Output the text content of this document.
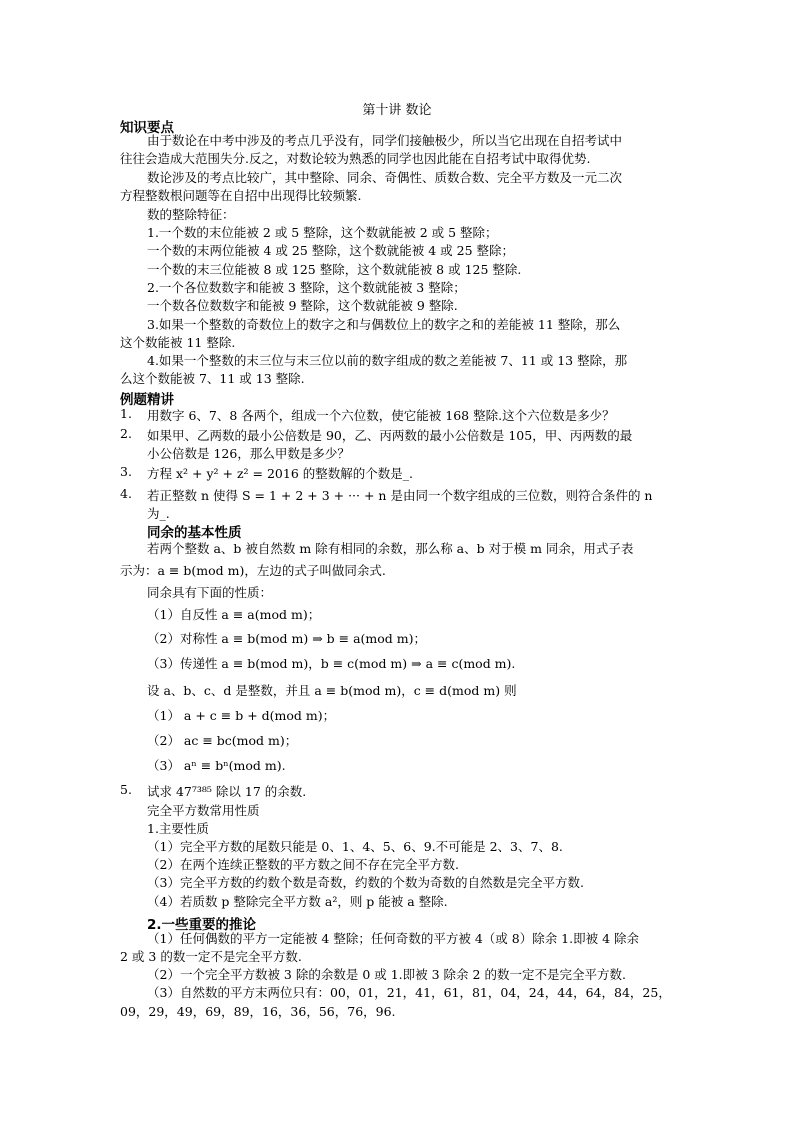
第十讲 数论
知识要点
由于数论在中考中涉及的考点几乎没有，同学们接触极少，所以当它出现在自招考试中
往往会造成大范围失分.反之，对数论较为熟悉的同学也因此能在自招考试中取得优势.
数论涉及的考点比较广，其中整除、同余、奇偶性、质数合数、完全平方数及一元二次
方程整数根问题等在自招中出现得比较频繁.
数的整除特征：
1.一个数的末位能被 2 或 5 整除，这个数就能被 2 或 5 整除；
一个数的末两位能被 4 或 25 整除，这个数就能被 4 或 25 整除；
一个数的末三位能被 8 或 125 整除，这个数就能被 8 或 125 整除.
2.一个各位数数字和能被 3 整除，这个数就能被 3 整除；
一个数各位数数字和能被 9 整除，这个数就能被 9 整除.
3.如果一个整数的奇数位上的数字之和与偶数位上的数字之和的差能被 11 整除，那么
这个数能被 11 整除.
4.如果一个整数的末三位与末三位以前的数字组成的数之差能被 7、11 或 13 整除，那
么这个数能被 7、11 或 13 整除.
例题精讲
1. 用数字 6、7、8 各两个，组成一个六位数，使它能被 168 整除.这个六位数是多少？
2. 如果甲、乙两数的最小公倍数是 90，乙、丙两数的最小公倍数是 105，甲、丙两数的最
小公倍数是 126，那么甲数是多少？
3. 方程 x² + y² + z² = 2016 的整数解的个数是_.
4. 若正整数 n 使得 S = 1 + 2 + 3 + ··· + n 是由同一个数字组成的三位数，则符合条件的 n
为_.
同余的基本性质
若两个整数 a、b 被自然数 m 除有相同的余数，那么称 a、b 对于模 m 同余，用式子表
示为：a ≡ b(mod m)，左边的式子叫做同余式.
同余具有下面的性质：
（1）自反性 a ≡ a(mod m)；
（2）对称性 a ≡ b(mod m) ⇒ b ≡ a(mod m)；
（3）传递性 a ≡ b(mod m)，b ≡ c(mod m) ⇒ a ≡ c(mod m).
设 a、b、c、d 是整数，并且 a ≡ b(mod m)，c ≡ d(mod m) 则
（1） a + c ≡ b + d(mod m)；
（2） ac ≡ bc(mod m)；
（3） aⁿ ≡ bⁿ(mod m).
5. 试求 47⁷³⁸⁵ 除以 17 的余数.
完全平方数常用性质
1.主要性质
（1）完全平方数的尾数只能是 0、1、4、5、6、9.不可能是 2、3、7、8.
（2）在两个连续正整数的平方数之间不存在完全平方数.
（3）完全平方数的约数个数是奇数，约数的个数为奇数的自然数是完全平方数.
（4）若质数 p 整除完全平方数 a²，则 p 能被 a 整除.
2.一些重要的推论
（1）任何偶数的平方一定能被 4 整除；任何奇数的平方被 4（或 8）除余 1.即被 4 除余
2 或 3 的数一定不是完全平方数.
（2）一个完全平方数被 3 除的余数是 0 或 1.即被 3 除余 2 的数一定不是完全平方数.
（3）自然数的平方末两位只有：00，01，21，41，61，81，04，24，44，64，84，25，
09，29，49，69，89，16，36，56，76，96.
